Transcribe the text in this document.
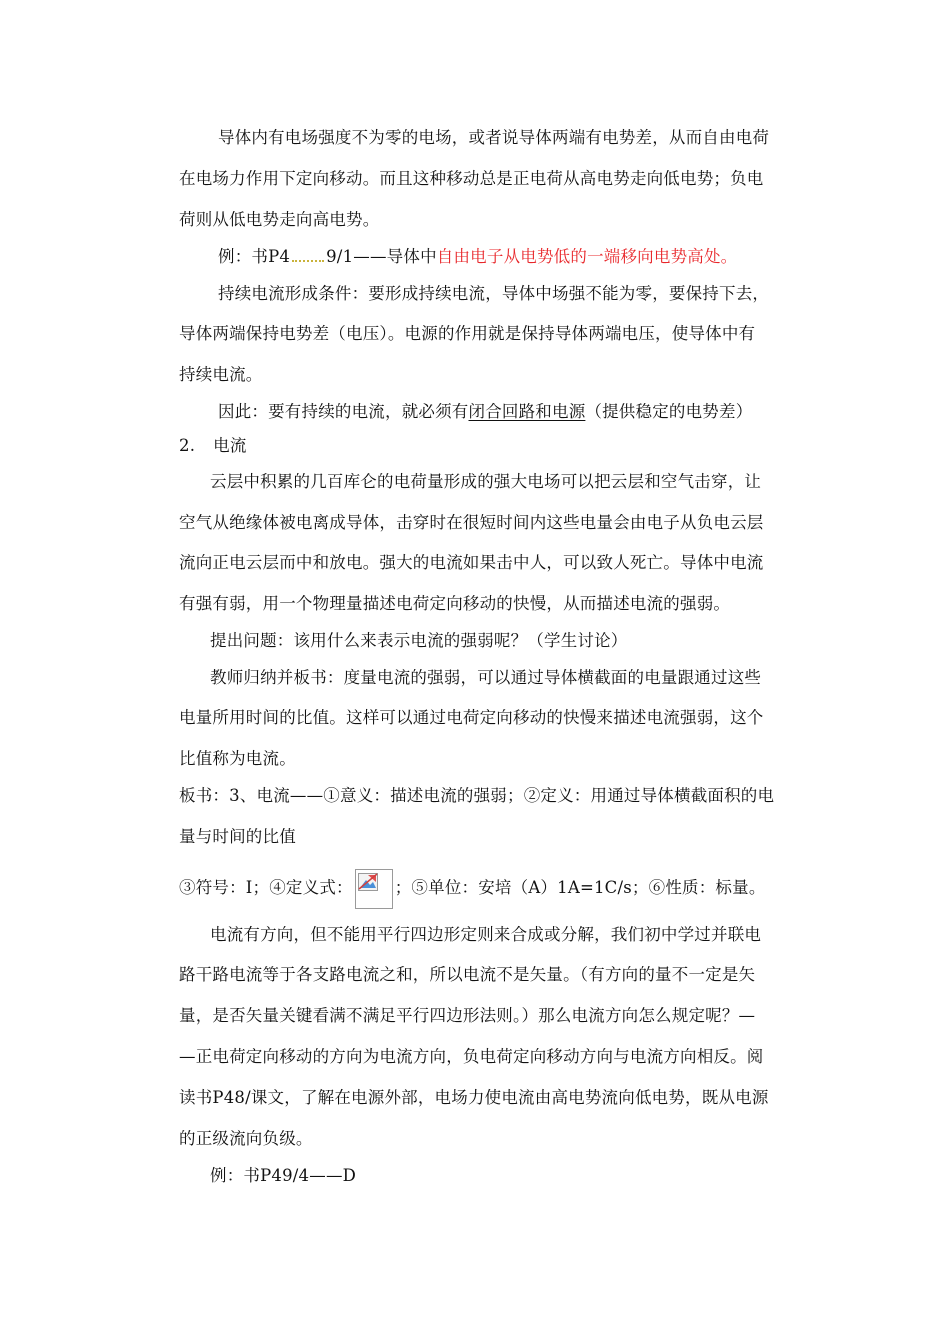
导体内有电场强度不为零的电场，或者说导体两端有电势差，从而自由电荷
在电场力作用下定向移动。而且这种移动总是正电荷从高电势走向低电势；负电
荷则从低电势走向高电势。
例：书P4 9/1——导体中自由电子从电势低的一端移向电势高处。
持续电流形成条件：要形成持续电流，导体中场强不能为零，要保持下去，
导体两端保持电势差（电压）。电源的作用就是保持导体两端电压，使导体中有
持续电流。
因此：要有持续的电流，就必须有闭合回路和电源（提供稳定的电势差）
2. 电流
云层中积累的几百库仑的电荷量形成的强大电场可以把云层和空气击穿，让
空气从绝缘体被电离成导体，击穿时在很短时间内这些电量会由电子从负电云层
流向正电云层而中和放电。强大的电流如果击中人，可以致人死亡。导体中电流
有强有弱，用一个物理量描述电荷定向移动的快慢，从而描述电流的强弱。
提出问题：该用什么来表示电流的强弱呢？（学生讨论）
教师归纳并板书：度量电流的强弱，可以通过导体横截面的电量跟通过这些
电量所用时间的比值。这样可以通过电荷定向移动的快慢来描述电流强弱，这个
比值称为电流。
板书：3、电流——①意义：描述电流的强弱；②定义：用通过导体横截面积的电
量与时间的比值
③符号：I；④定义式：	；⑤单位：安培（A）1A=1C/s；⑥性质：标量。
电流有方向，但不能用平行四边形定则来合成或分解，我们初中学过并联电
路干路电流等于各支路电流之和，所以电流不是矢量。（有方向的量不一定是矢
量，是否矢量关键看满不满足平行四边形法则。）那么电流方向怎么规定呢？—
—正电荷定向移动的方向为电流方向，负电荷定向移动方向与电流方向相反。阅
读书P48/课文，了解在电源外部，电场力使电流由高电势流向低电势，既从电源
的正级流向负级。
例：书P49/4——D
